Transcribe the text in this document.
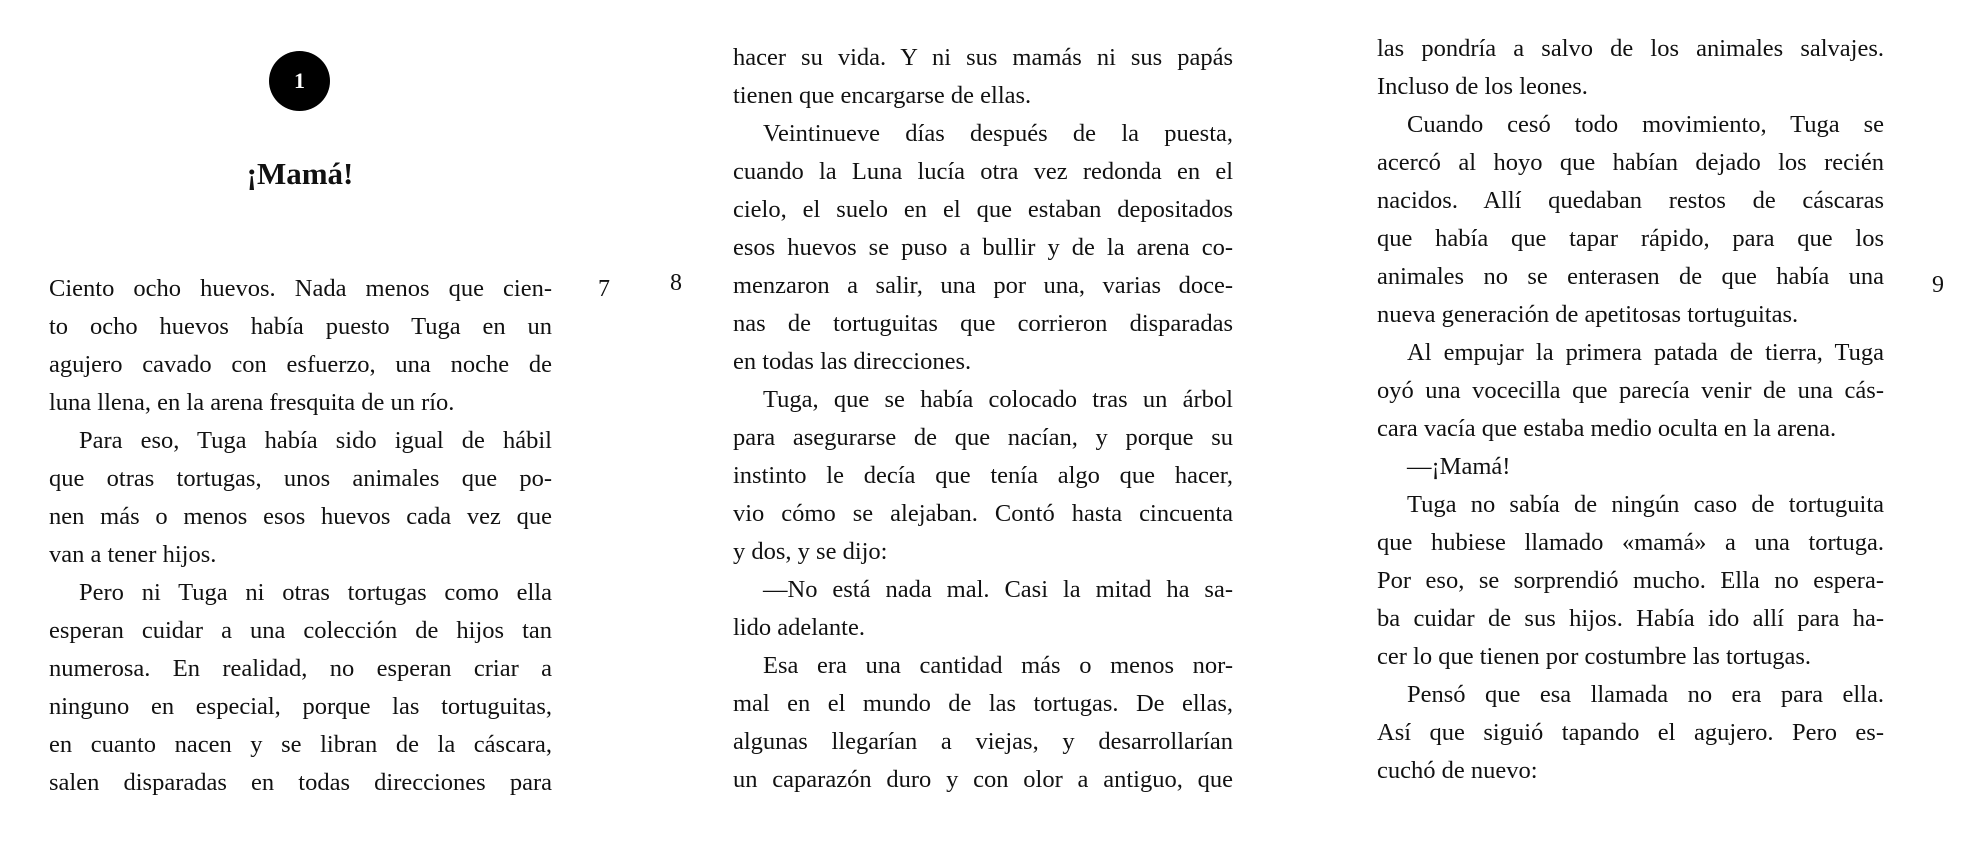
1
¡Mamá!
Ciento ocho huevos. Nada menos que cien-
to ocho huevos había puesto Tuga en un
agujero cavado con esfuerzo, una noche de
luna llena, en la arena fresquita de un río.
Para eso, Tuga había sido igual de hábil
que otras tortugas, unos animales que po-
nen más o menos esos huevos cada vez que
van a tener hijos.
Pero ni Tuga ni otras tortugas como ella
esperan cuidar a una colección de hijos tan
numerosa. En realidad, no esperan criar a
ninguno en especial, porque las tortuguitas,
en cuanto nacen y se libran de la cáscara,
salen disparadas en todas direcciones para
7	8
hacer su vida. Y ni sus mamás ni sus papás
tienen que encargarse de ellas.
Veintinueve días después de la puesta,
cuando la Luna lucía otra vez redonda en el
cielo, el suelo en el que estaban depositados
esos huevos se puso a bullir y de la arena co-
menzaron a salir, una por una, varias doce-
nas de tortuguitas que corrieron disparadas
en todas las direcciones.
Tuga, que se había colocado tras un árbol
para asegurarse de que nacían, y porque su
instinto le decía que tenía algo que hacer,
vio cómo se alejaban. Contó hasta cincuenta
y dos, y se dijo:
—No está nada mal. Casi la mitad ha sa-
lido adelante.
Esa era una cantidad más o menos nor-
mal en el mundo de las tortugas. De ellas,
algunas llegarían a viejas, y desarrollarían
un caparazón duro y con olor a antiguo, que
las pondría a salvo de los animales salvajes.
Incluso de los leones.
Cuando cesó todo movimiento, Tuga se
acercó al hoyo que habían dejado los recién
nacidos. Allí quedaban restos de cáscaras
que había que tapar rápido, para que los
animales no se enterasen de que había una
nueva generación de apetitosas tortuguitas.
Al empujar la primera patada de tierra, Tuga
oyó una vocecilla que parecía venir de una cás-
cara vacía que estaba medio oculta en la arena.
—¡Mamá!
Tuga no sabía de ningún caso de tortuguita
que hubiese llamado «mamá» a una tortuga.
Por eso, se sorprendió mucho. Ella no espera-
ba cuidar de sus hijos. Había ido allí para ha-
cer lo que tienen por costumbre las tortugas.
Pensó que esa llamada no era para ella.
Así que siguió tapando el agujero. Pero es-
cuchó de nuevo:
9
